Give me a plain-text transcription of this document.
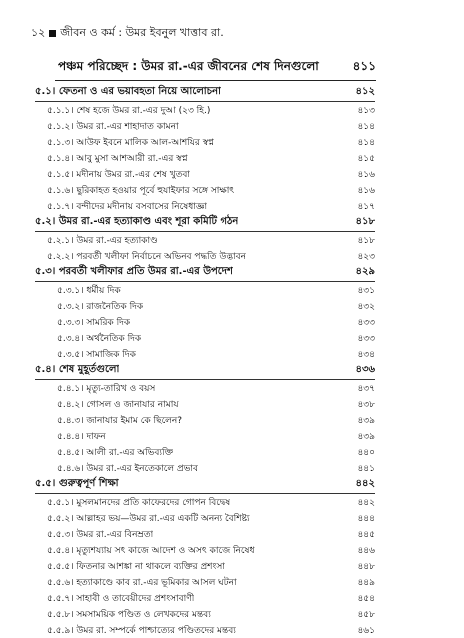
১২ জীবন ও কর্ম : উমর ইবনুল খাত্তাব রা.
পঞ্চম পরিচ্ছেদ : উমর রা.-এর জীবনের শেষ দিনগুলো	৪১১
৫.১। ফেতনা ও এর ভয়াবহতা নিয়ে আলোচনা	৪১২
৫.১.১। শেষ হজে উমর রা.-এর দুআ (২৩ হি.)	৪১৩
৫.১.২। উমর রা.-এর শাহাদাত কামনা	৪১৪
৫.১.৩। আউফ ইবনে মালিক আল-আশযির স্বপ্ন	৪১৪
৫.১.৪। আবু মুসা আশআরী রা.-এর স্বপ্ন	৪১৫
৫.১.৫। মদীনায় উমর রা.-এর শেষ খুতবা	৪১৬
৫.১.৬। ছুরিকাহত হওয়ার পূর্বে হুযাইফার সঙ্গে সাক্ষাৎ	৪১৬
৫.১.৭। বন্দীদের মদীনায় বসবাসের নিষেধাজ্ঞা	৪১৭
৫.২। উমর রা.-এর হত্যাকাণ্ড এবং শূরা কমিটি গঠন	৪১৮
৫.২.১। উমর রা.-এর হত্যাকাণ্ড	৪১৮
৫.২.২। পরবর্তী খলীফা নির্বাচনে অভিনব পদ্ধতি উদ্ভাবন	৪২৩
৫.৩। পরবর্তী খলীফার প্রতি উমর রা.-এর উপদেশ	৪২৯
৫.৩.১। ধর্মীয় দিক	৪৩১
৫.৩.২। রাজনৈতিক দিক	৪৩২
৫.৩.৩। সামরিক দিক	৪৩৩
৫.৩.৪। অর্থনৈতিক দিক	৪৩৩
৫.৩.৫। সামাজিক দিক	৪৩৪
৫.৪। শেষ মুহূর্তগুলো	৪৩৬
৫.৪.১। মৃত্যু-তারিখ ও বয়স	৪৩৭
৫.৪.২। গোসল ও জানাযার নামায	৪৩৮
৫.৪.৩। জানাযার ইমাম কে ছিলেন?	৪৩৯
৫.৪.৪। দাফন	৪৩৯
৫.৪.৫। আলী রা.-এর অভিব্যক্তি	৪৪০
৫.৪.৬। উমর রা.-এর ইনতেকালে প্রভাব	৪৪১
৫.৫। গুরুত্বপূর্ণ শিক্ষা	৪৪২
৫.৫.১। মুসলমানদের প্রতি কাফেরদের গোপন বিদ্বেষ	৪৪২
৫.৫.২। আল্লাহর ভয়—উমর রা.-এর একটি অনন্য বৈশিষ্ট্য	৪৪৪
৫.৫.৩। উমর রা.-এর বিনম্রতা	৪৪৫
৫.৫.৪। মৃত্যুশয্যায় সৎ কাজে আদেশ ও অসৎ কাজে নিষেধ	৪৪৬
৫.৫.৫। ফিতনার আশঙ্কা না থাকলে ব্যক্তির প্রশংসা	৪৪৮
৫.৫.৬। হত্যাকাণ্ডে কাব রা.-এর ভূমিকার আসল ঘটনা	৪৪৯
৫.৫.৭। সাহাবী ও তাবেয়ীদের প্রশংসাবাণী	৪৫৪
৫.৫.৮। সমসাময়িক পণ্ডিত ও লেখকদের মন্তব্য	৪৫৮
৫.৫.৯। উমর রা. সম্পর্কে পাশ্চাত্যের পণ্ডিতদের মন্তব্য	৪৬১
